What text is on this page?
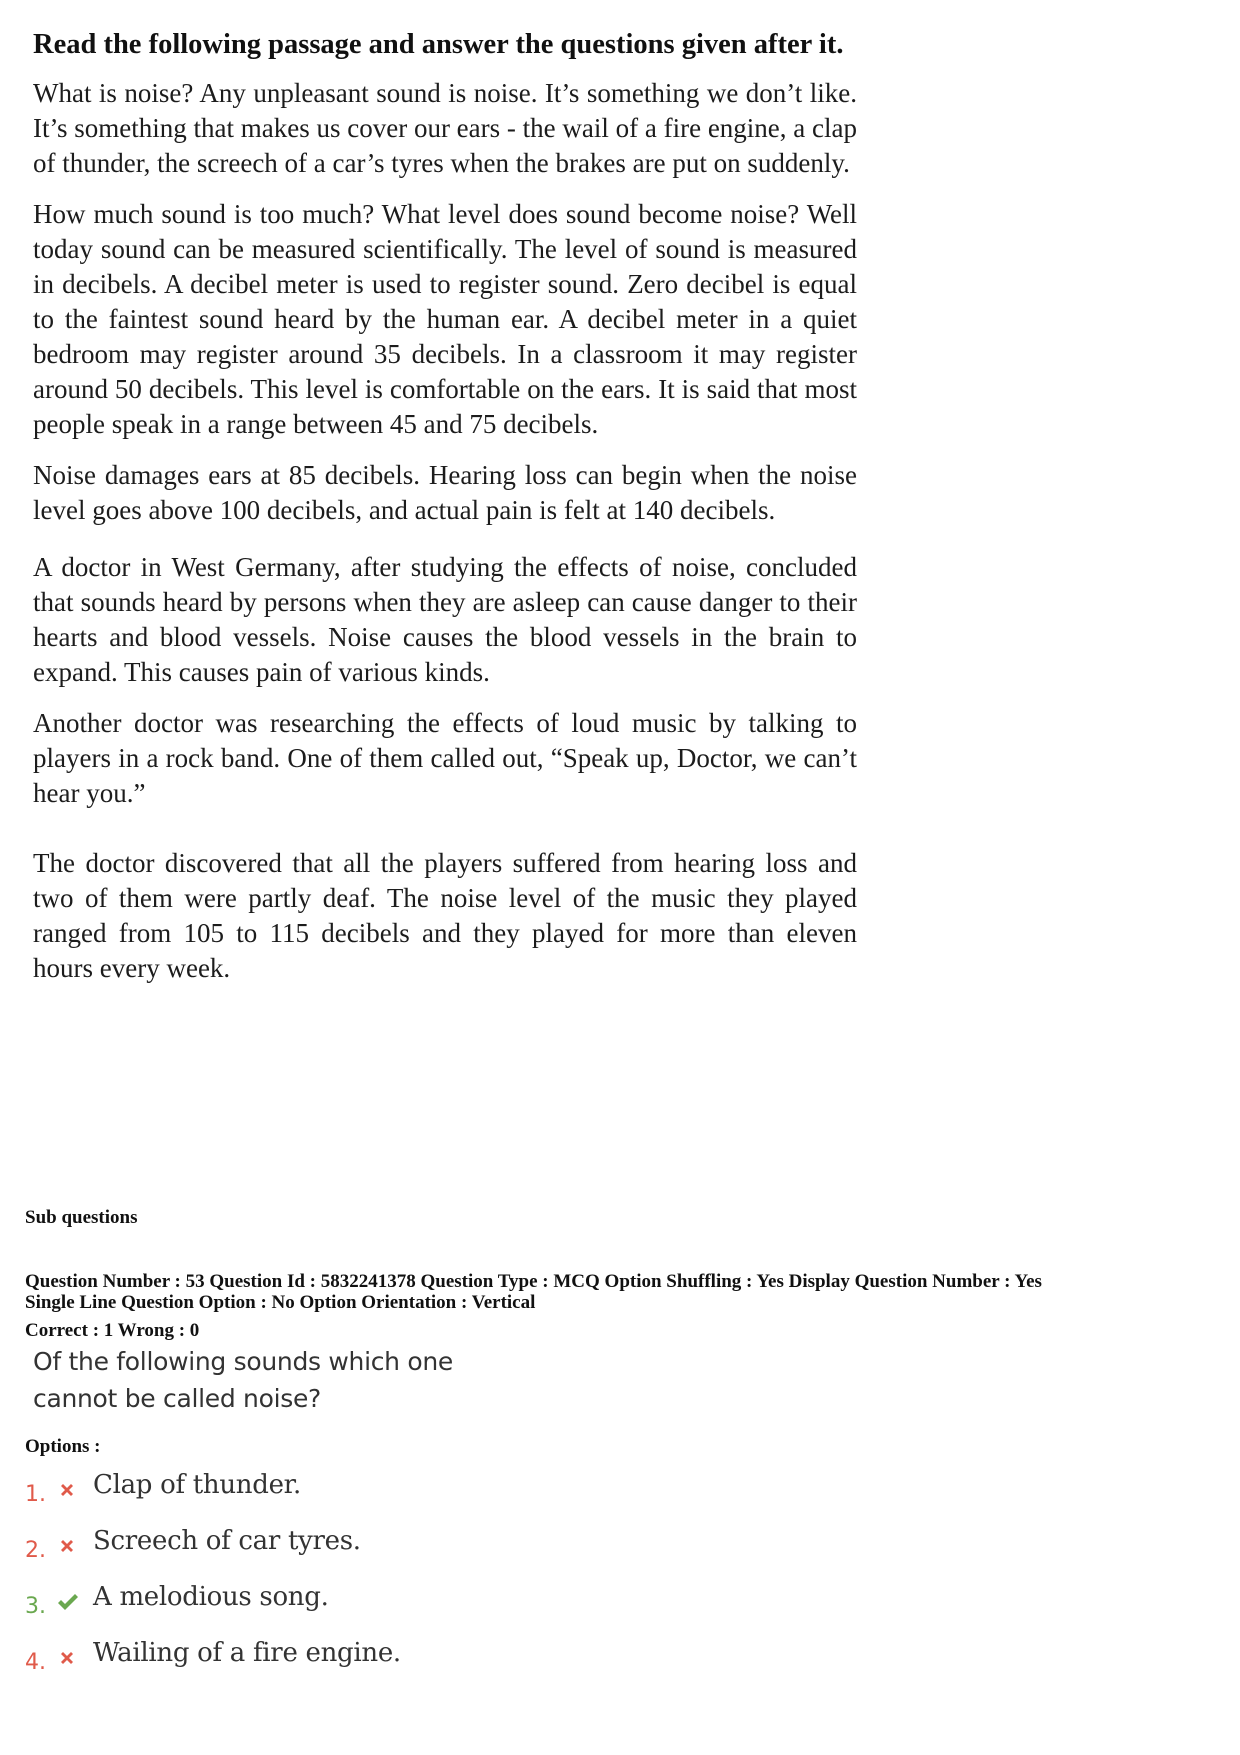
Read the following passage and answer the questions given after it.

What is noise? Any unpleasant sound is noise. It’s something we don’t like. It’s something that makes us cover our ears - the wail of a fire engine, a clap of thunder, the screech of a car’s tyres when the brakes are put on suddenly.

How much sound is too much? What level does sound become noise? Well today sound can be measured scientifically. The level of sound is measured in decibels. A decibel meter is used to register sound. Zero decibel is equal to the faintest sound heard by the human ear. A decibel meter in a quiet bedroom may register around 35 decibels. In a classroom it may register around 50 decibels. This level is comfortable on the ears. It is said that most people speak in a range between 45 and 75 decibels.

Noise damages ears at 85 decibels. Hearing loss can begin when the noise level goes above 100 decibels, and actual pain is felt at 140 decibels.

A doctor in West Germany, after studying the effects of noise, concluded that sounds heard by persons when they are asleep can cause danger to their hearts and blood vessels. Noise causes the blood vessels in the brain to expand. This causes pain of various kinds.

Another doctor was researching the effects of loud music by talking to players in a rock band. One of them called out, “Speak up, Doctor, we can’t hear you.”

The doctor discovered that all the players suffered from hearing loss and two of them were partly deaf. The noise level of the music they played ranged from 105 to 115 decibels and they played for more than eleven hours every week.

Sub questions
Question Number : 53 Question Id : 5832241378 Question Type : MCQ Option Shuffling : Yes Display Question Number : Yes
Single Line Question Option : No Option Orientation : Vertical
Correct : 1 Wrong : 0
Of the following sounds which one cannot be called noise?
Options :
1. Clap of thunder.
2. Screech of car tyres.
3. A melodious song.
4. Wailing of a fire engine.
